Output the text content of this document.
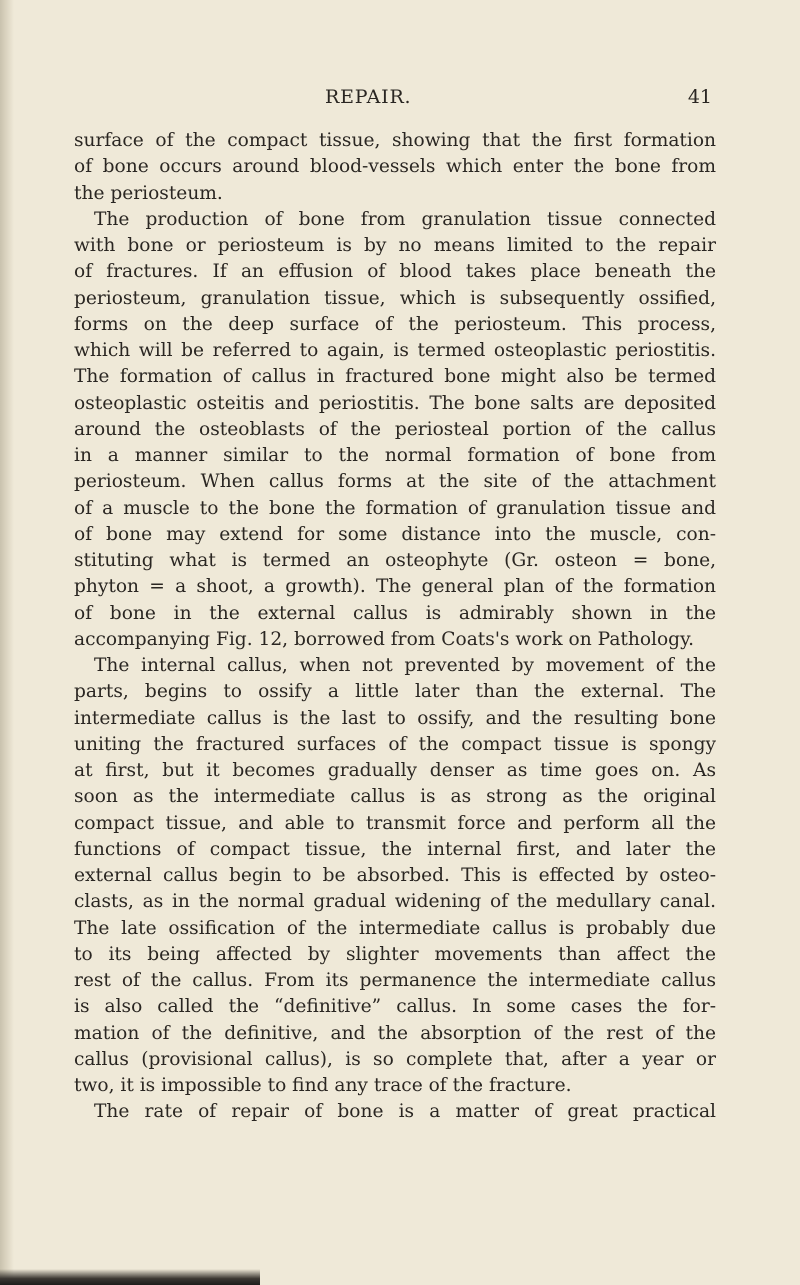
REPAIR.	41
surface of the compact tissue, showing that the first formation
of bone occurs around blood-vessels which enter the bone from
the periosteum.
The production of bone from granulation tissue connected
with bone or periosteum is by no means limited to the repair
of fractures. If an effusion of blood takes place beneath the
periosteum, granulation tissue, which is subsequently ossified,
forms on the deep surface of the periosteum. This process,
which will be referred to again, is termed osteoplastic periostitis.
The formation of callus in fractured bone might also be termed
osteoplastic osteitis and periostitis. The bone salts are deposited
around the osteoblasts of the periosteal portion of the callus
in a manner similar to the normal formation of bone from
periosteum. When callus forms at the site of the attachment
of a muscle to the bone the formation of granulation tissue and
of bone may extend for some distance into the muscle, con-
stituting what is termed an osteophyte (Gr. osteon = bone,
phyton = a shoot, a growth). The general plan of the formation
of bone in the external callus is admirably shown in the
accompanying Fig. 12, borrowed from Coats's work on Pathology.
The internal callus, when not prevented by movement of the
parts, begins to ossify a little later than the external. The
intermediate callus is the last to ossify, and the resulting bone
uniting the fractured surfaces of the compact tissue is spongy
at first, but it becomes gradually denser as time goes on. As
soon as the intermediate callus is as strong as the original
compact tissue, and able to transmit force and perform all the
functions of compact tissue, the internal first, and later the
external callus begin to be absorbed. This is effected by osteo-
clasts, as in the normal gradual widening of the medullary canal.
The late ossification of the intermediate callus is probably due
to its being affected by slighter movements than affect the
rest of the callus. From its permanence the intermediate callus
is also called the “definitive” callus. In some cases the for-
mation of the definitive, and the absorption of the rest of the
callus (provisional callus), is so complete that, after a year or
two, it is impossible to find any trace of the fracture.
The rate of repair of bone is a matter of great practical
